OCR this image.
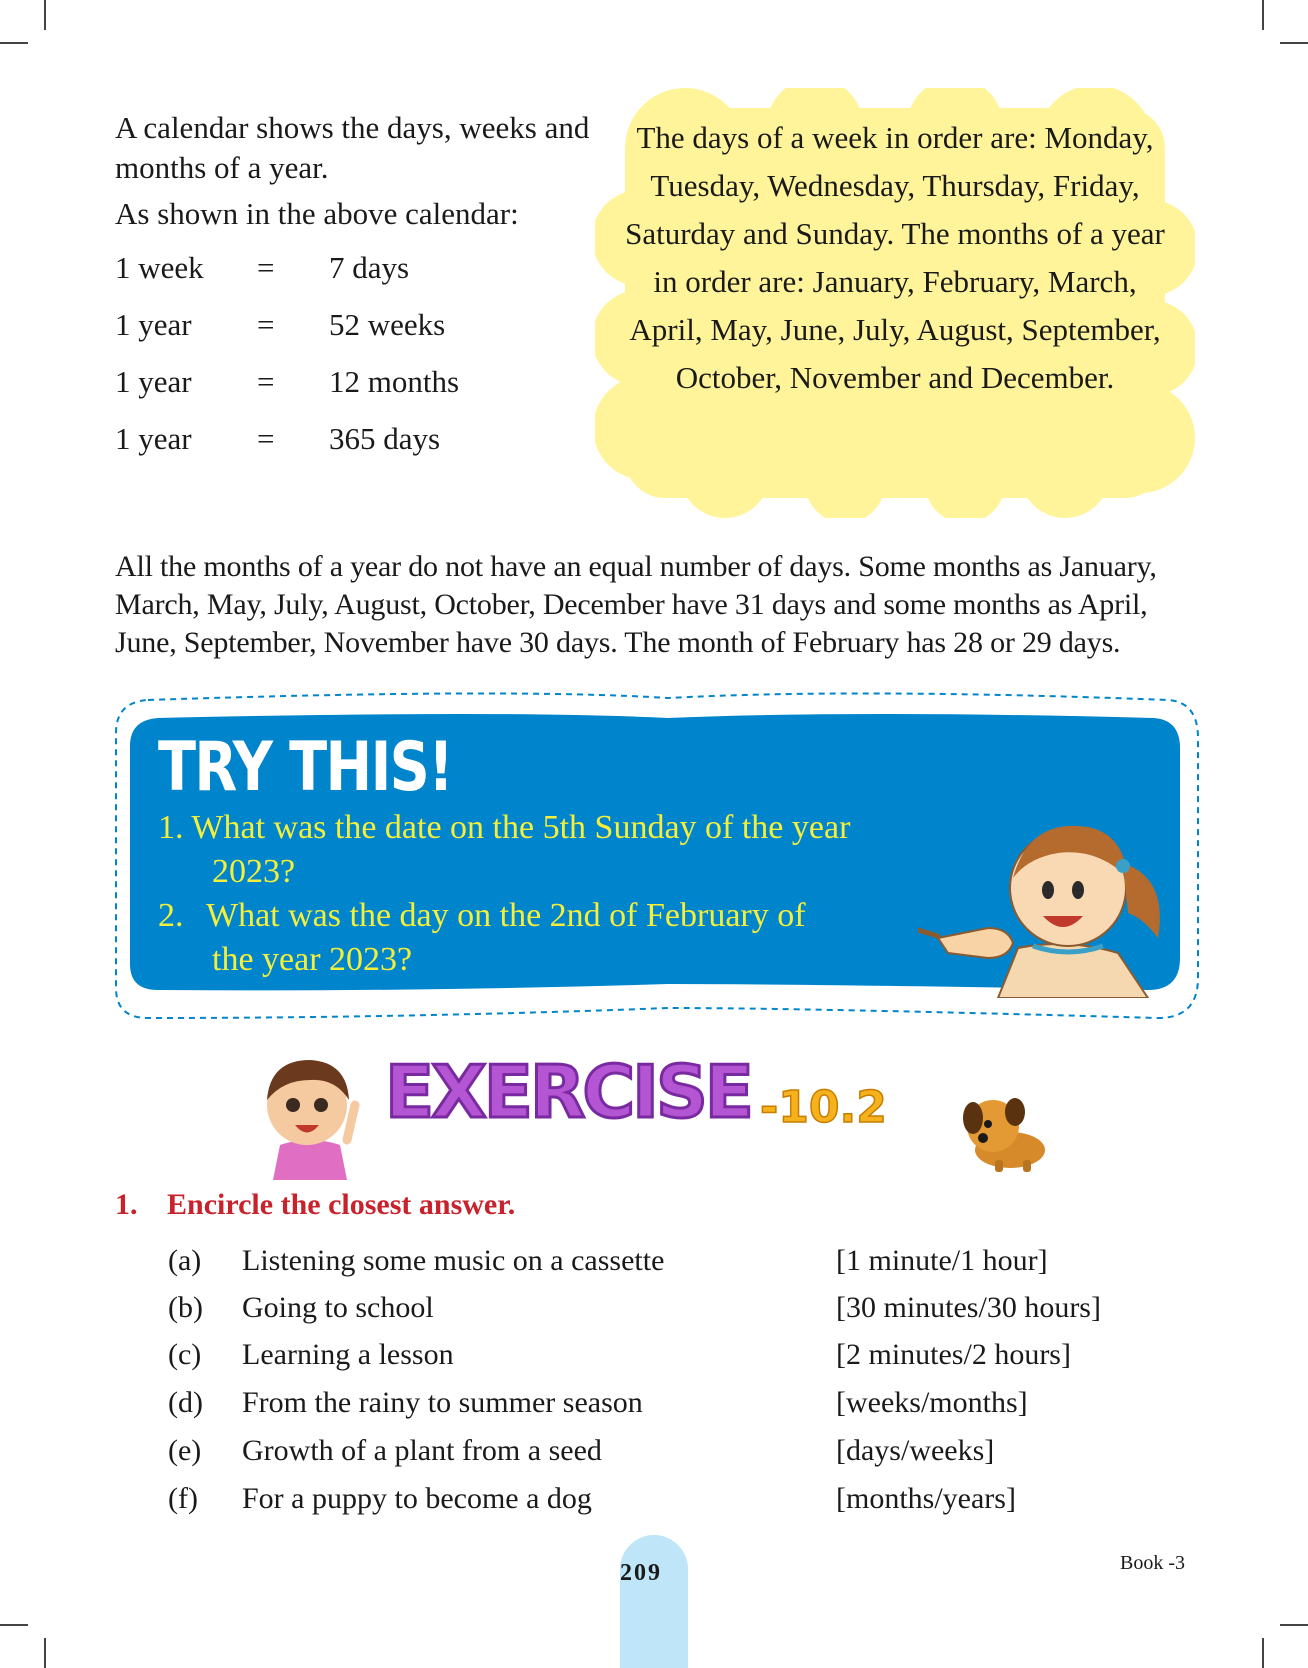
A calendar shows the days, weeks and months of a year.

As shown in the above calendar:

1 week = 7 days
1 year = 52 weeks
1 year = 12 months
1 year = 365 days
The days of a week in order are: Monday, Tuesday, Wednesday, Thursday, Friday, Saturday and Sunday. The months of a year in order are: January, February, March, April, May, June, July, August, September, October, November and December.
All the months of a year do not have an equal number of days. Some months as January, March, May, July, August, October, December have 31 days and some months as April, June, September, November have 30 days. The month of February has 28 or 29 days.
TRY THIS!
1. What was the date on the 5th Sunday of the year
2023?
2. What was the day on the 2nd of February of
the year 2023?
EXERCISE -10.2
1. Encircle the closest answer.
(a) Listening some music on a cassette	[1 minute/1 hour]
(b) Going to school	[30 minutes/30 hours]
(c) Learning a lesson	[2 minutes/2 hours]
(d) From the rainy to summer season	[weeks/months]
(e) Growth of a plant from a seed	[days/weeks]
(f) For a puppy to become a dog	[months/years]
209	Book -3
